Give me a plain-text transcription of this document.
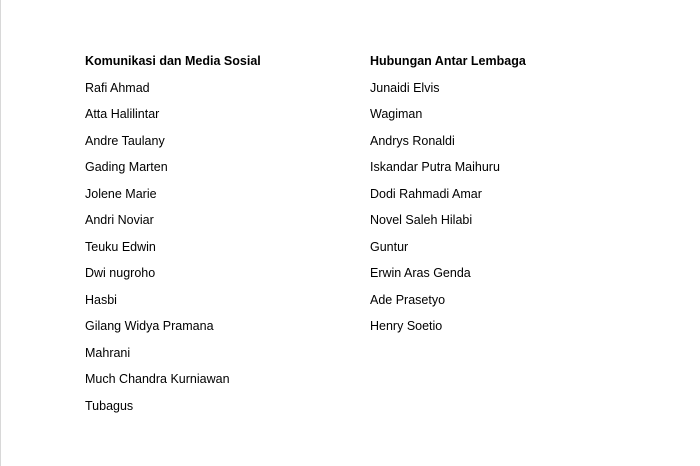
Komunikasi dan Media Sosial
Rafi Ahmad
Atta Halilintar
Andre Taulany
Gading Marten
Jolene Marie
Andri Noviar
Teuku Edwin
Dwi nugroho
Hasbi
Gilang Widya Pramana
Mahrani
Much Chandra Kurniawan
Tubagus
Hubungan Antar Lembaga
Junaidi Elvis
Wagiman
Andrys Ronaldi
Iskandar Putra Maihuru
Dodi Rahmadi Amar
Novel Saleh Hilabi
Guntur
Erwin Aras Genda
Ade Prasetyo
Henry Soetio
